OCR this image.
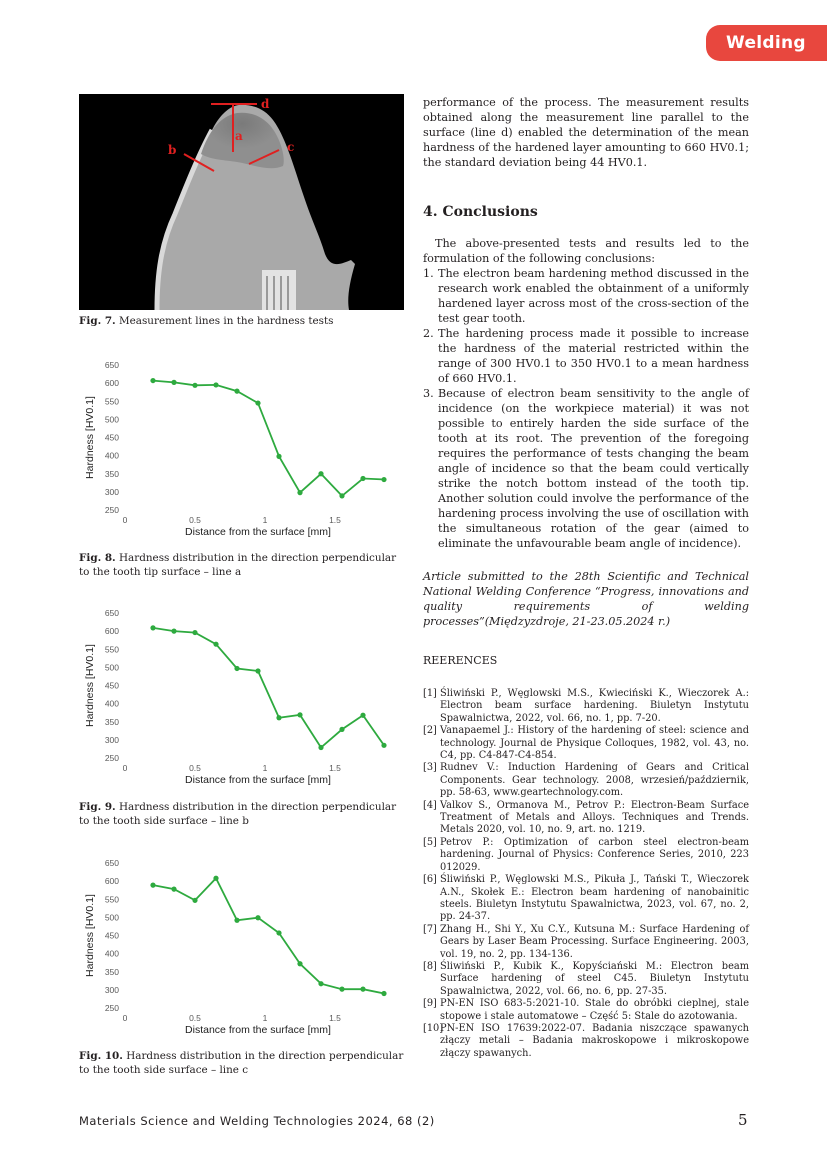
Welding
a
b	c
d
Fig. 7. Measurement lines in the hardness tests
250
300
350
400
450
500
550
600
650
0	0.5	1	1.5
Distance from the surface [mm]
Hardness [HV0.1]
Fig. 8. Hardness distribution in the direction perpendicular to the tooth tip surface – line a
250
300
350
400
450
500
550
600
650
0	0.5	1	1.5
Distance from the surface [mm]
Hardness [HV0.1]
Fig. 9. Hardness distribution in the direction perpendicular to the tooth side surface – line b
250
300
350
400
450
500
550
600
650
0	0.5	1	1.5
Distance from the surface [mm]
Hardness [HV0.1]
Fig. 10. Hardness distribution in the direction perpendicular to the tooth side surface – line c

performance of the process. The measurement results obtained along the measurement line parallel to the surface (line d) enabled the determination of the mean hardness of the hardened layer amounting to 660 HV0.1; the standard deviation being 44 HV0.1.

4. Conclusions

The above-presented tests and results led to the formulation of the following conclusions:

1. The electron beam hardening method discussed in the research work enabled the obtainment of a uniformly hardened layer across most of the cross-section of the test gear tooth.
2. The hardening process made it possible to increase the hardness of the material restricted within the range of 300 HV0.1 to 350 HV0.1 to a mean hardness of 660 HV0.1.
3. Because of electron beam sensitivity to the angle of incidence (on the workpiece material) it was not possible to entirely harden the side surface of the tooth at its root. The prevention of the foregoing requires the performance of tests changing the beam angle of incidence so that the beam could vertically strike the notch bottom instead of the tooth tip. Another solution could involve the performance of the hardening process involving the use of oscillation with the simultaneous rotation of the gear (aimed to eliminate the unfavourable beam angle of incidence).

Article submitted to the 28th Scientific and Technical National Welding Conference “Progress, innovations and quality requirements of welding processes”(Międzyzdroje, 21-23.05.2024 r.)

REERENCES
[1] Śliwiński P., Węglowski M.S., Kwieciński K., Wieczorek A.: Electron beam surface hardening. Biuletyn Instytutu Spawalnictwa, 2022, vol. 66, no. 1, pp. 7-20.
[2] Vanapaemel J.: History of the hardening of steel: science and technology. Journal de Physique Colloques, 1982, vol. 43, no. C4, pp. C4-847-C4-854.
[3] Rudnev V.: Induction Hardening of Gears and Critical Components. Gear technology. 2008, wrzesień/październik, pp. 58-63, www.geartechnology.com.
[4] Valkov S., Ormanova M., Petrov P.: Electron-Beam Surface Treatment of Metals and Alloys. Techniques and Trends. Metals 2020, vol. 10, no. 9, art. no. 1219.
[5] Petrov P.: Optimization of carbon steel electron-beam hardening. Journal of Physics: Conference Series, 2010, 223 012029.
[6] Śliwiński P., Węglowski M.S., Pikuła J., Tański T., Wieczorek A.N., Skołek E.: Electron beam hardening of nanobainitic steels. Biuletyn Instytutu Spawalnictwa, 2023, vol. 67, no. 2, pp. 24-37.
[7] Zhang H., Shi Y., Xu C.Y., Kutsuna M.: Surface Hardening of Gears by Laser Beam Processing. Surface Engineering. 2003, vol. 19, no. 2, pp. 134-136.
[8] Śliwiński P., Kubik K., Kopyściański M.: Electron beam Surface hardening of steel C45. Biuletyn Instytutu Spawalnictwa, 2022, vol. 66, no. 6, pp. 27-35.
[9] PN-EN ISO 683-5:2021-10. Stale do obróbki cieplnej, stale stopowe i stale automatowe – Część 5: Stale do azotowania.
[10]
PN-EN ISO 17639:2022-07. Badania niszczące spawanych złączy metali – Badania makroskopowe i mikroskopowe złączy spawanych.
Materials Science and Welding Technologies 2024, 68 (2)	5
